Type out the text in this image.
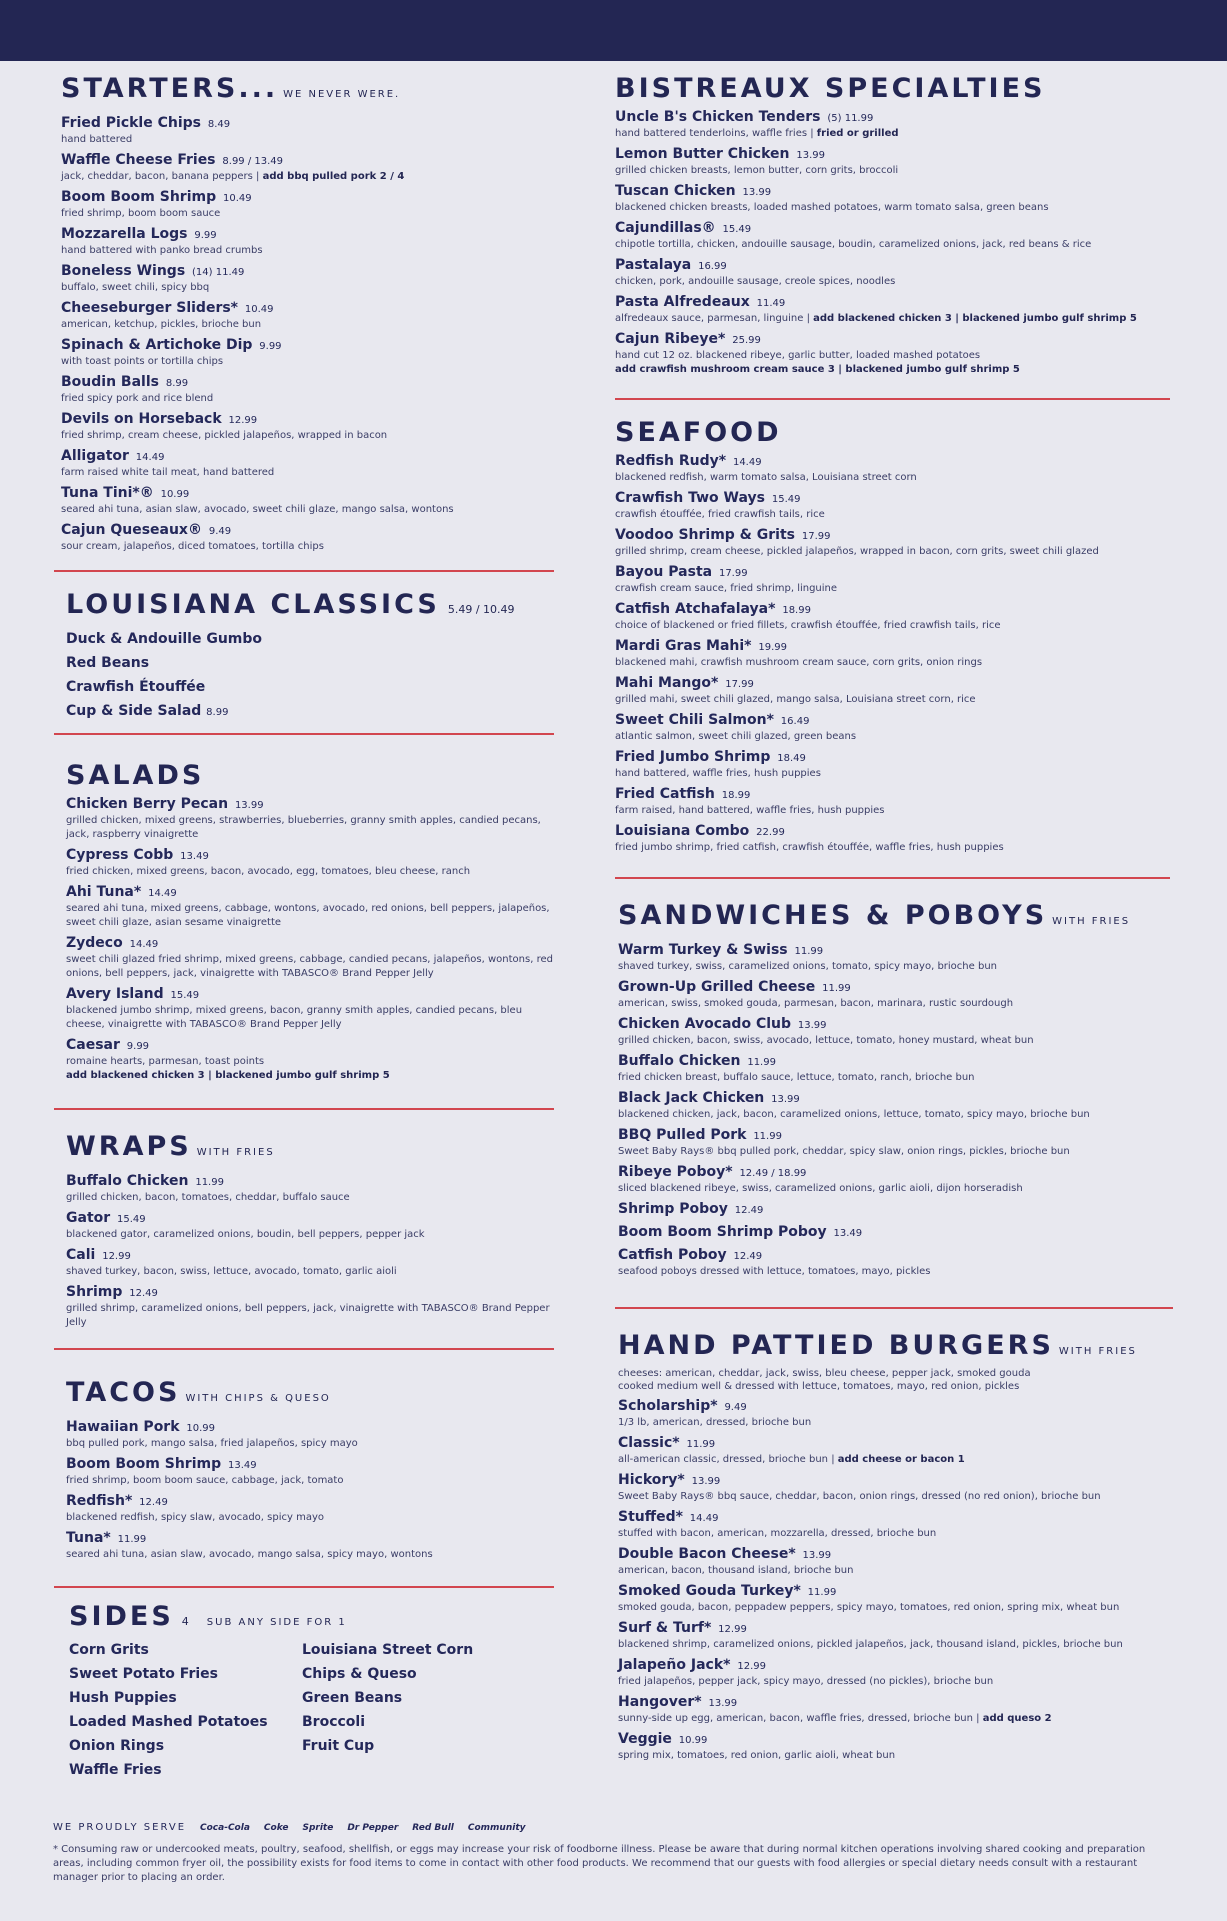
STARTERS... WE NEVER WERE.
Fried Pickle Chips 8.49
hand battered
Waffle Cheese Fries 8.99 / 13.49
jack, cheddar, bacon, banana peppers | add bbq pulled pork 2 / 4
Boom Boom Shrimp 10.49
fried shrimp, boom boom sauce
Mozzarella Logs 9.99
hand battered with panko bread crumbs
Boneless Wings (14) 11.49
buffalo, sweet chili, spicy bbq
Cheeseburger Sliders* 10.49
american, ketchup, pickles, brioche bun
Spinach & Artichoke Dip 9.99
with toast points or tortilla chips
Boudin Balls 8.99
fried spicy pork and rice blend
Devils on Horseback 12.99
fried shrimp, cream cheese, pickled jalapeños, wrapped in bacon
Alligator 14.49
farm raised white tail meat, hand battered
Tuna Tini*® 10.99
seared ahi tuna, asian slaw, avocado, sweet chili glaze, mango salsa, wontons
Cajun Queseaux® 9.49
sour cream, jalapeños, diced tomatoes, tortilla chips
LOUISIANA CLASSICS 5.49 / 10.49
Duck & Andouille Gumbo
Red Beans
Crawfish Étouffée
Cup & Side Salad 8.99
SALADS
Chicken Berry Pecan 13.99
grilled chicken, mixed greens, strawberries, blueberries, granny smith apples, candied pecans, jack, raspberry vinaigrette
Cypress Cobb 13.49
fried chicken, mixed greens, bacon, avocado, egg, tomatoes, bleu cheese, ranch
Ahi Tuna* 14.49
seared ahi tuna, mixed greens, cabbage, wontons, avocado, red onions, bell peppers, jalapeños, sweet chili glaze, asian sesame vinaigrette
Zydeco 14.49
sweet chili glazed fried shrimp, mixed greens, cabbage, candied pecans, jalapeños, wontons, red onions, bell peppers, jack, vinaigrette with TABASCO® Brand Pepper Jelly
Avery Island 15.49
blackened jumbo shrimp, mixed greens, bacon, granny smith apples, candied pecans, bleu cheese, vinaigrette with TABASCO® Brand Pepper Jelly
Caesar 9.99
romaine hearts, parmesan, toast points
add blackened chicken 3 | blackened jumbo gulf shrimp 5
WRAPS WITH FRIES
Buffalo Chicken 11.99
grilled chicken, bacon, tomatoes, cheddar, buffalo sauce
Gator 15.49
blackened gator, caramelized onions, boudin, bell peppers, pepper jack
Cali 12.99
shaved turkey, bacon, swiss, lettuce, avocado, tomato, garlic aioli
Shrimp 12.49
grilled shrimp, caramelized onions, bell peppers, jack, vinaigrette with TABASCO® Brand Pepper Jelly
TACOS WITH CHIPS & QUESO
Hawaiian Pork 10.99
bbq pulled pork, mango salsa, fried jalapeños, spicy mayo
Boom Boom Shrimp 13.49
fried shrimp, boom boom sauce, cabbage, jack, tomato
Redfish* 12.49
blackened redfish, spicy slaw, avocado, spicy mayo
Tuna* 11.99
seared ahi tuna, asian slaw, avocado, mango salsa, spicy mayo, wontons
SIDES 4 SUB ANY SIDE FOR 1
Corn Grits
Sweet Potato Fries
Hush Puppies
Loaded Mashed Potatoes
Onion Rings
Waffle Fries
Louisiana Street Corn
Chips & Queso
Green Beans
Broccoli
Fruit Cup
BISTREAUX SPECIALTIES
Uncle B's Chicken Tenders (5) 11.99
hand battered tenderloins, waffle fries | fried or grilled
Lemon Butter Chicken 13.99
grilled chicken breasts, lemon butter, corn grits, broccoli
Tuscan Chicken 13.99
blackened chicken breasts, loaded mashed potatoes, warm tomato salsa, green beans
Cajundillas® 15.49
chipotle tortilla, chicken, andouille sausage, boudin, caramelized onions, jack, red beans & rice
Pastalaya 16.99
chicken, pork, andouille sausage, creole spices, noodles
Pasta Alfredeaux 11.49
alfredeaux sauce, parmesan, linguine | add blackened chicken 3 | blackened jumbo gulf shrimp 5
Cajun Ribeye* 25.99
hand cut 12 oz. blackened ribeye, garlic butter, loaded mashed potatoes
add crawfish mushroom cream sauce 3 | blackened jumbo gulf shrimp 5
SEAFOOD
Redfish Rudy* 14.49
blackened redfish, warm tomato salsa, Louisiana street corn
Crawfish Two Ways 15.49
crawfish étouffée, fried crawfish tails, rice
Voodoo Shrimp & Grits 17.99
grilled shrimp, cream cheese, pickled jalapeños, wrapped in bacon, corn grits, sweet chili glazed
Bayou Pasta 17.99
crawfish cream sauce, fried shrimp, linguine
Catfish Atchafalaya* 18.99
choice of blackened or fried fillets, crawfish étouffée, fried crawfish tails, rice
Mardi Gras Mahi* 19.99
blackened mahi, crawfish mushroom cream sauce, corn grits, onion rings
Mahi Mango* 17.99
grilled mahi, sweet chili glazed, mango salsa, Louisiana street corn, rice
Sweet Chili Salmon* 16.49
atlantic salmon, sweet chili glazed, green beans
Fried Jumbo Shrimp 18.49
hand battered, waffle fries, hush puppies
Fried Catfish 18.99
farm raised, hand battered, waffle fries, hush puppies
Louisiana Combo 22.99
fried jumbo shrimp, fried catfish, crawfish étouffée, waffle fries, hush puppies
SANDWICHES & POBOYS WITH FRIES
Warm Turkey & Swiss 11.99
shaved turkey, swiss, caramelized onions, tomato, spicy mayo, brioche bun
Grown-Up Grilled Cheese 11.99
american, swiss, smoked gouda, parmesan, bacon, marinara, rustic sourdough
Chicken Avocado Club 13.99
grilled chicken, bacon, swiss, avocado, lettuce, tomato, honey mustard, wheat bun
Buffalo Chicken 11.99
fried chicken breast, buffalo sauce, lettuce, tomato, ranch, brioche bun
Black Jack Chicken 13.99
blackened chicken, jack, bacon, caramelized onions, lettuce, tomato, spicy mayo, brioche bun
BBQ Pulled Pork 11.99
Sweet Baby Rays® bbq pulled pork, cheddar, spicy slaw, onion rings, pickles, brioche bun
Ribeye Poboy* 12.49 / 18.99
sliced blackened ribeye, swiss, caramelized onions, garlic aioli, dijon horseradish
Shrimp Poboy 12.49
Boom Boom Shrimp Poboy 13.49
Catfish Poboy 12.49
seafood poboys dressed with lettuce, tomatoes, mayo, pickles
HAND PATTIED BURGERS WITH FRIES
cheeses: american, cheddar, jack, swiss, bleu cheese, pepper jack, smoked gouda
cooked medium well & dressed with lettuce, tomatoes, mayo, red onion, pickles
Scholarship* 9.49
1/3 lb, american, dressed, brioche bun
Classic* 11.99
all-american classic, dressed, brioche bun | add cheese or bacon 1
Hickory* 13.99
Sweet Baby Rays® bbq sauce, cheddar, bacon, onion rings, dressed (no red onion), brioche bun
Stuffed* 14.49
stuffed with bacon, american, mozzarella, dressed, brioche bun
Double Bacon Cheese* 13.99
american, bacon, thousand island, brioche bun
Smoked Gouda Turkey* 11.99
smoked gouda, bacon, peppadew peppers, spicy mayo, tomatoes, red onion, spring mix, wheat bun
Surf & Turf* 12.99
blackened shrimp, caramelized onions, pickled jalapeños, jack, thousand island, pickles, brioche bun
Jalapeño Jack* 12.99
fried jalapeños, pepper jack, spicy mayo, dressed (no pickles), brioche bun
Hangover* 13.99
sunny-side up egg, american, bacon, waffle fries, dressed, brioche bun | add queso 2
Veggie 10.99
spring mix, tomatoes, red onion, garlic aioli, wheat bun
WE PROUDLY SERVE Coca-Cola Coke Sprite Dr Pepper Red Bull Community
* Consuming raw or undercooked meats, poultry, seafood, shellfish, or eggs may increase your risk of foodborne illness. Please be aware that during normal kitchen operations involving shared cooking and preparation areas, including common fryer oil, the possibility exists for food items to come in contact with other food products. We recommend that our guests with food allergies or special dietary needs consult with a restaurant manager prior to placing an order.
